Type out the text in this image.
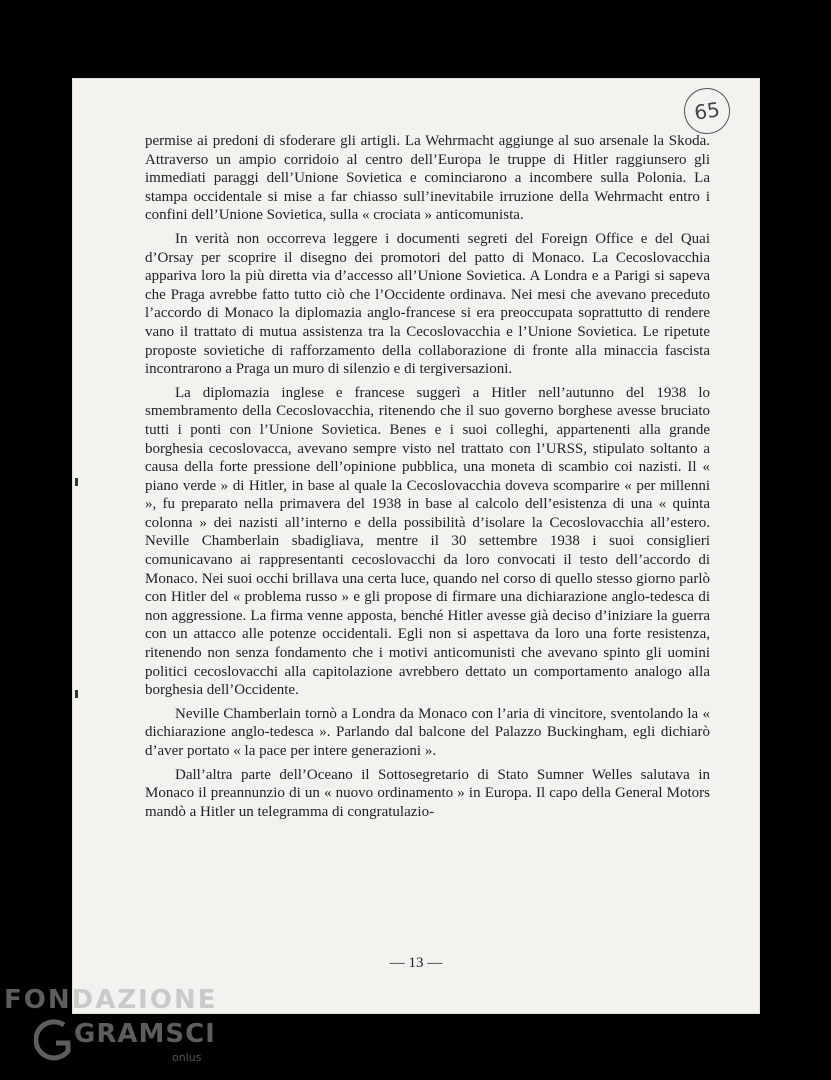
65

permise ai predoni di sfoderare gli artigli. La Wehrmacht aggiunge al suo arsenale la Skoda. Attraverso un ampio corridoio al centro dell’Europa le truppe di Hitler raggiunsero gli immediati paraggi dell’Unione Sovietica e cominciarono a incombere sulla Polonia. La stampa occidentale si mise a far chiasso sull’inevitabile irruzione della Wehrmacht entro i confini dell’Unione Sovietica, sulla « crociata » anticomunista.

In verità non occorreva leggere i documenti segreti del Foreign Office e del Quai d’Orsay per scoprire il disegno dei promotori del patto di Monaco. La Cecoslovacchia appariva loro la più diretta via d’accesso all’Unione Sovietica. A Londra e a Parigi si sapeva che Praga avrebbe fatto tutto ciò che l’Occidente ordinava. Nei mesi che avevano preceduto l’accordo di Monaco la diplomazia anglo-francese si era preoccupata soprattutto di rendere vano il trattato di mutua assistenza tra la Cecoslovacchia e l’Unione Sovietica. Le ripetute proposte sovietiche di rafforzamento della collaborazione di fronte alla minaccia fascista incontrarono a Praga un muro di silenzio e di tergiversazioni.

La diplomazia inglese e francese suggerì a Hitler nell’autunno del 1938 lo smembramento della Cecoslovacchia, ritenendo che il suo governo borghese avesse bruciato tutti i ponti con l’Unione Sovietica. Benes e i suoi colleghi, appartenenti alla grande borghesia cecoslovacca, avevano sempre visto nel trattato con l’URSS, stipulato soltanto a causa della forte pressione dell’opinione pubblica, una moneta di scambio coi nazisti. Il « piano verde » di Hitler, in base al quale la Cecoslovacchia doveva scomparire « per millenni », fu preparato nella primavera del 1938 in base al calcolo dell’esistenza di una « quinta colonna » dei nazisti all’interno e della possibilità d’isolare la Cecoslovacchia all’estero. Neville Chamberlain sbadigliava, mentre il 30 settembre 1938 i suoi consiglieri comunicavano ai rappresentanti cecoslovacchi da loro convocati il testo dell’accordo di Monaco. Nei suoi occhi brillava una certa luce, quando nel corso di quello stesso giorno parlò con Hitler del « problema russo » e gli propose di firmare una dichiarazione anglo-tedesca di non aggressione. La firma venne apposta, benché Hitler avesse già deciso d’iniziare la guerra con un attacco alle potenze occidentali. Egli non si aspettava da loro una forte resistenza, ritenendo non senza fondamento che i motivi anticomunisti che avevano spinto gli uomini politici cecoslovacchi alla capitolazione avrebbero dettato un comportamento analogo alla borghesia dell’Occidente.

Neville Chamberlain tornò a Londra da Monaco con l’aria di vincitore, sventolando la « dichiarazione anglo-tedesca ». Parlando dal balcone del Palazzo Buckingham, egli dichiarò d’aver portato « la pace per intere generazioni ».

Dall’altra parte dell’Oceano il Sottosegretario di Stato Sumner Welles salutava in Monaco il preannunzio di un « nuovo ordinamento » in Europa. Il capo della General Motors mandò a Hitler un telegramma di congratulazio-

— 13 —
FONDAZIONE
GRAMSCI
onlus
